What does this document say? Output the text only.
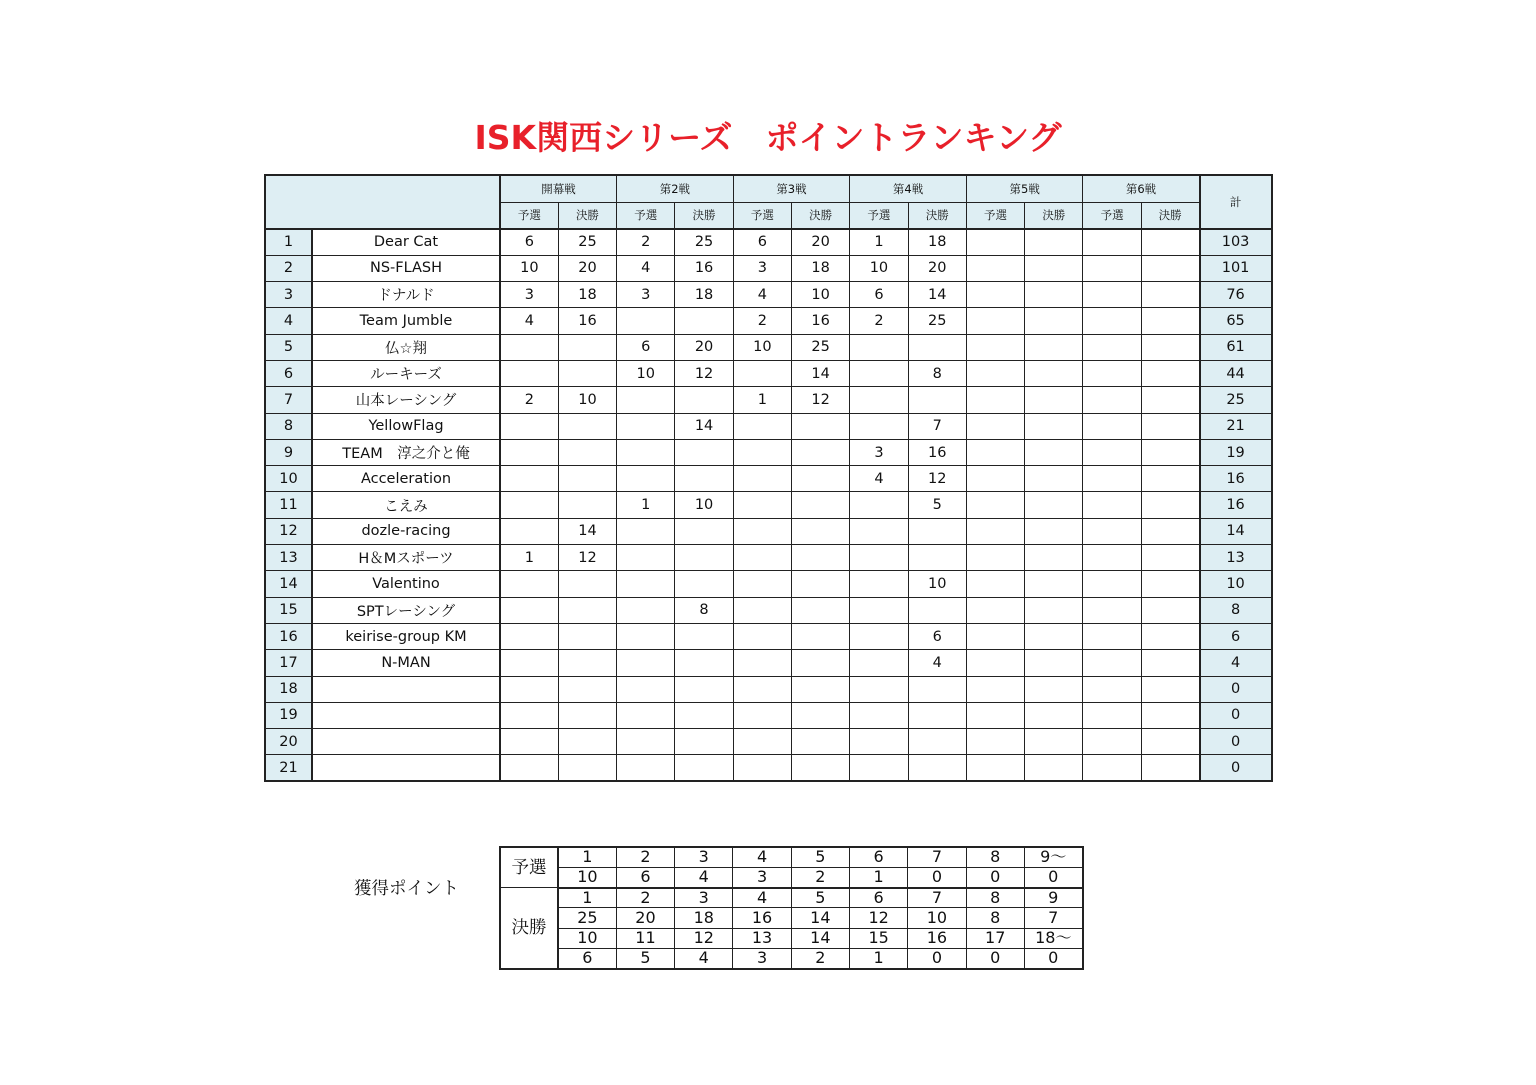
ISK関西シリーズ　ポイントランキング
		開幕戦		第2戦		第3戦		第4戦		第5戦		第6戦		計
		予選	決勝	予選	決勝	予選	決勝	予選	決勝	予選	決勝	予選	決勝	
1	Dear Cat	6	25	2	25	6	20	1	18					103
2	NS-FLASH	10	20	4	16	3	18	10	20					101
3	ドナルド	3	18	3	18	4	10	6	14					76
4	Team Jumble	4	16			2	16	2	25					65
5	仏☆翔			6	20	10	25							61
6	ルーキーズ			10	12		14		8					44
7	山本レーシング	2	10			1	12							25
8	YellowFlag				14				7					21
9	TEAM　淳之介と俺							3	16					19
10	Acceleration							4	12					16
11	こえみ			1	10				5					16
12	dozle-racing		14											14
13	H＆Mスポーツ	1	12											13
14	Valentino								10					10
15	SPTレーシング				8									8
16	keirise-group KM								6					6
17	N-MAN								4					4
18														0
19														0
20														0
21														0
獲得ポイント
予選	1	2	3	4	5	6	7	8	9〜
	10	6	4	3	2	1	0	0	0
決勝	1	2	3	4	5	6	7	8	9
	25	20	18	16	14	12	10	8	7
	10	11	12	13	14	15	16	17	18〜
	6	5	4	3	2	1	0	0	0
